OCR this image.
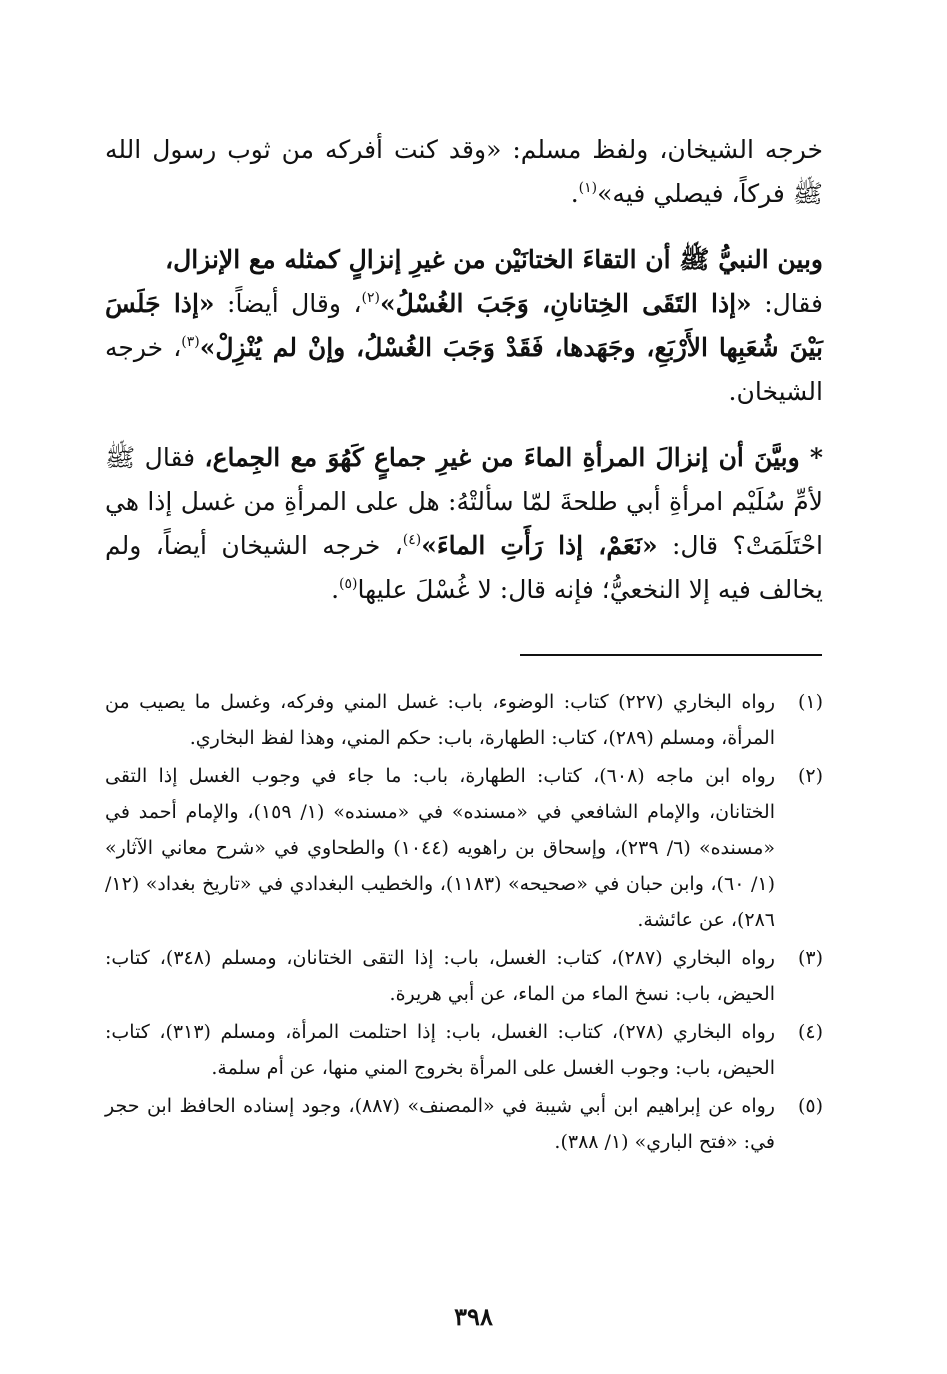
خرجه الشيخان، ولفظ مسلم: «وقد كنت أفركه من ثوب رسول الله ﷺ فركاً، فيصلي فيه»$^{(١)}$.

وبين النبيُّ ﷺ أن التقاءَ الختانَيْن من غيرِ إنزالٍ كمثله مع الإنزال،
فقال: «إذا التَقَى الخِتانانِ، وَجَبَ الغُسْلُ»$^{(٢)}$، وقال أيضاً: «إذا جَلَسَ بَيْنَ شُعَبِها الأَرْبَعِ، وجَهَدها، فَقَدْ وَجَبَ الغُسْلُ، وإنْ لم يُنْزِلْ»$^{(٣)}$، خرجه الشيخان.

* وبيَّنَ أن إنزالَ المرأةِ الماءَ من غيرِ جماعٍ كَهُوَ مع الجِماع، فقال ﷺ لأمِّ سُلَيْم امرأةِ أبي طلحةَ لمّا سألتْهُ: هل على المرأةِ من غسل إذا هي احْتَلَمَتْ؟ قال: «نَعَمْ، إذا رَأَتِ الماءَ»$^{(٤)}$، خرجه الشيخان أيضاً، ولم يخالف فيه إلا النخعيُّ؛ فإنه قال: لا غُسْلَ عليها$^{(٥)}$.

(١)
رواه البخاري (٢٢٧) كتاب: الوضوء، باب: غسل المني وفركه، وغسل ما يصيب من المرأة، ومسلم (٢٨٩)، كتاب: الطهارة، باب: حكم المني، وهذا لفظ البخاري.
(٢)
رواه ابن ماجه (٦٠٨)، كتاب: الطهارة، باب: ما جاء في وجوب الغسل إذا التقى الختانان، والإمام الشافعي في «مسنده» في «مسنده» (١/ ١٥٩)، والإمام أحمد في «مسنده» (٦/ ٢٣٩)، وإسحاق بن راهويه (١٠٤٤) والطحاوي في «شرح معاني الآثار» (١/ ٦٠)، وابن حبان في «صحيحه» (١١٨٣)، والخطيب البغدادي في «تاريخ بغداد» (١٢/ ٢٨٦)، عن عائشة.
(٣)
رواه البخاري (٢٨٧)، كتاب: الغسل، باب: إذا التقى الختانان، ومسلم (٣٤٨)، كتاب: الحيض، باب: نسخ الماء من الماء، عن أبي هريرة.
(٤)
رواه البخاري (٢٧٨)، كتاب: الغسل، باب: إذا احتلمت المرأة، ومسلم (٣١٣)، كتاب: الحيض، باب: وجوب الغسل على المرأة بخروج المني منها، عن أم سلمة.
(٥)
رواه عن إبراهيم ابن أبي شيبة في «المصنف» (٨٨٧)، وجود إسناده الحافظ ابن حجر في: «فتح الباري» (١/ ٣٨٨).
٣٩٨
